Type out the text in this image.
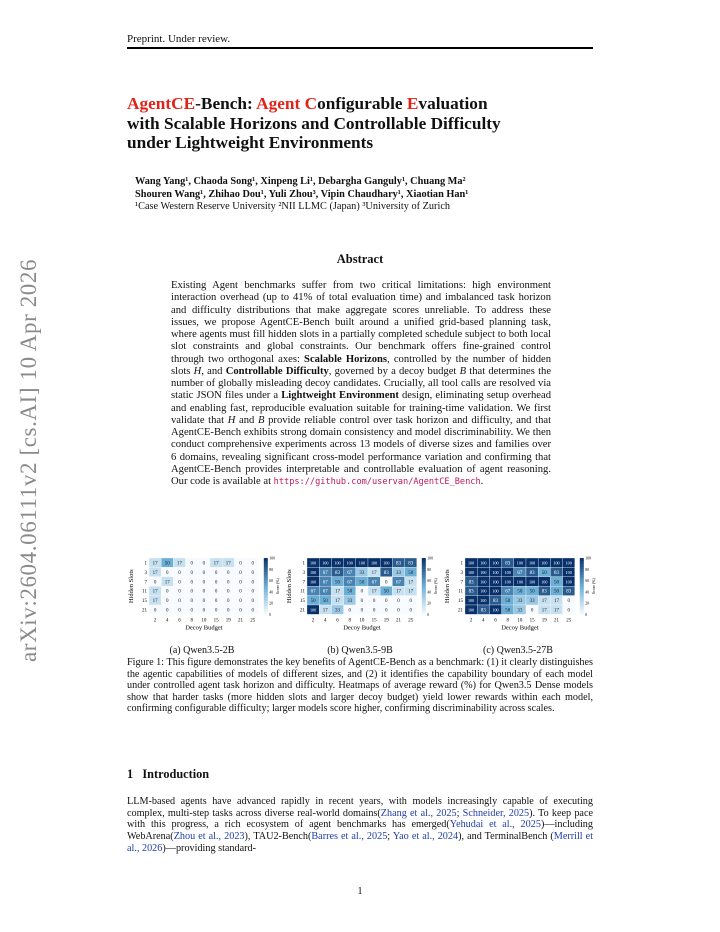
Preprint. Under review.
arXiv:2604.06111v2 [cs.AI] 10 Apr 2026
AgentCE-Bench: Agent Configurable Evaluation
with Scalable Horizons and Controllable Difficulty
under Lightweight Environments
Wang Yang¹, Chaoda Song¹, Xinpeng Li¹, Debargha Ganguly¹, Chuang Ma²
Shouren Wang¹, Zhihao Dou¹, Yuli Zhou³, Vipin Chaudhary¹, Xiaotian Han¹
¹Case Western Reserve University ²NII LLMC (Japan) ³University of Zurich
Abstract
Existing Agent benchmarks suffer from two critical limitations: high environment interaction overhead (up to 41% of total evaluation time) and imbalanced task horizon and difficulty distributions that make aggregate scores unreliable. To address these issues, we propose AgentCE-Bench built around a unified grid-based planning task, where agents must fill hidden slots in a partially completed schedule subject to both local slot constraints and global constraints. Our benchmark offers fine-grained control through two orthogonal axes: Scalable Horizons, controlled by the number of hidden slots H, and Controllable Difficulty, governed by a decoy budget B that determines the number of globally misleading decoy candidates. Crucially, all tool calls are resolved via static JSON files under a Lightweight Environment design, eliminating setup overhead and enabling fast, reproducible evaluation suitable for training-time validation. We first validate that H and B provide reliable control over task horizon and difficulty, and that AgentCE-Bench exhibits strong domain consistency and model discriminability. We then conduct comprehensive experiments across 13 models of diverse sizes and families over 6 domains, revealing significant cross-model performance variation and confirming that AgentCE-Bench provides interpretable and controllable evaluation of agent reasoning. Our code is available at https://github.com/uservan/AgentCE_Bench.
Hidden Slots
17 50 17 0 0 17 17 0 0
17 0 0 0 0 0 0 0 0
0 17 0 0 0 0 0 0 0
17 0 0 0 0 0 0 0 0
17 0 0 0 0 0 0 0 0
0 0 0 0 0 0 0 0 0
1
3
7
11
15
21
2 4 6 8 10 15 19 21 25
Decoy Budget
100
80
60
40
20
0
Score (%) Hidden Slots
100 100 100 100 100 100 100 83 83
100 67 83 67 33 17 83 33 50
100 67 50 67 50 67 0 67 17
67 67 17 50 0 17 50 17 17
50 50 17 33 0 0 0 0 0
100 17 33 0 0 0 0 0 0
1
3
7
11
15
21
2 4 6 8 10 15 19 21 25
Decoy Budget
100
80
60
40
20
0
Score (%) Hidden Slots
100 100 100 83 100 100 100 100 100
100 100 100 100 67 83 50 83 100
83 100 100 100 100 100 100 50 100
83 100 100 67 50 50 83 50 83
100 100 83 50 33 33 17 17 0
100 83 100 50 33 0 17 17 0
1
3
7
11
15
21
2 4 6 8 10 15 19 21 25
Decoy Budget
100
80
60
40
20
0
Score (%)
(a) Qwen3.5-2B	(b) Qwen3.5-9B	(c) Qwen3.5-27B
Figure 1: This figure demonstrates the key benefits of AgentCE-Bench as a benchmark: (1) it clearly distinguishes the agentic capabilities of models of different sizes, and (2) it identifies the capability boundary of each model under controlled agent task horizon and difficulty. Heatmaps of average reward (%) for Qwen3.5 Dense models show that harder tasks (more hidden slots and larger decoy budget) yield lower rewards within each model, confirming configurable difficulty; larger models score higher, confirming discriminability across scales.
1 Introduction
LLM-based agents have advanced rapidly in recent years, with models increasingly capable of executing complex, multi-step tasks across diverse real-world domains(Zhang et al., 2025; Schneider, 2025). To keep pace with this progress, a rich ecosystem of agent benchmarks has emerged(Yehudai et al., 2025)—including WebArena(Zhou et al., 2023), TAU2-Bench(Barres et al., 2025; Yao et al., 2024), and TerminalBench (Merrill et al., 2026)—providing standard-
1
